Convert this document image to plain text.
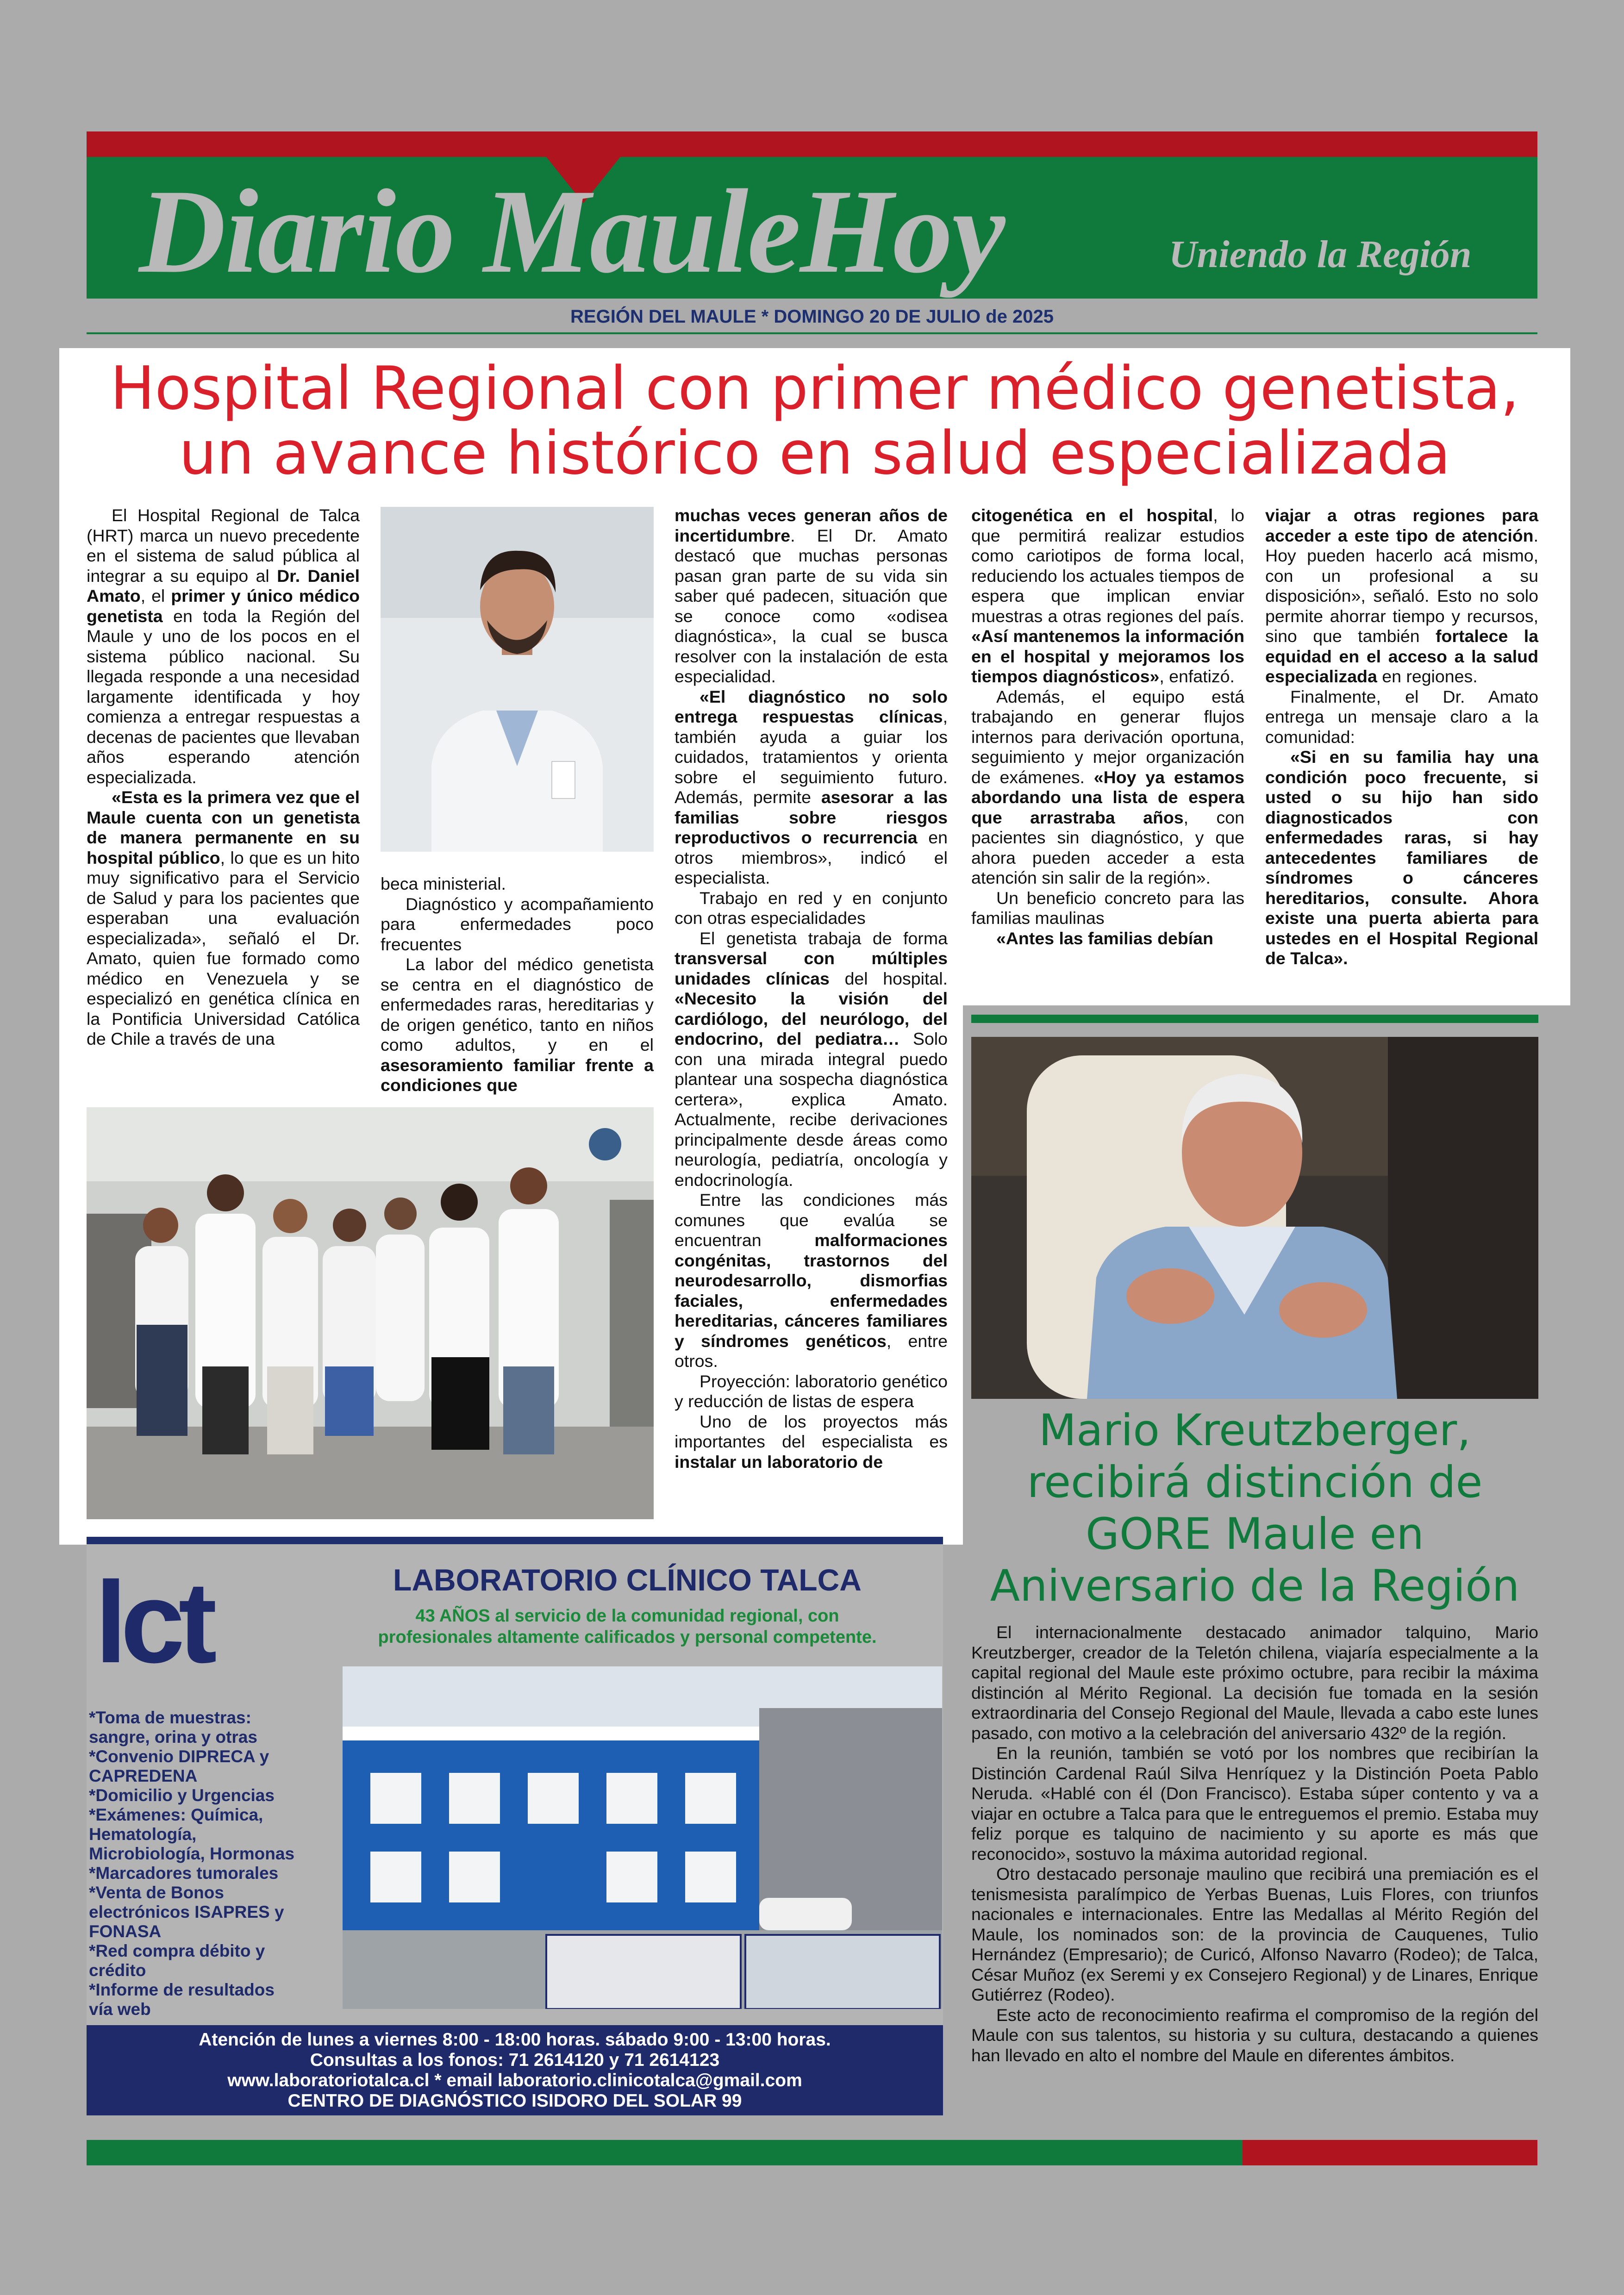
Diario MauleHoy	Uniendo la Región
REGIÓN DEL MAULE * DOMINGO 20 DE JULIO de 2025
Hospital Regional con primer médico genetista,
un avance histórico en salud especializada

El Hospital Regional de Talca (HRT) marca un nuevo precedente en el sistema de salud pública al integrar a su equipo al Dr. Daniel Amato, el primer y único médico genetista en toda la Región del Maule y uno de los pocos en el sistema público nacional. Su llegada responde a una necesidad largamente identificada y hoy comienza a entregar respuestas a decenas de pacientes que llevaban años esperando atención especializada.

«Esta es la primera vez que el Maule cuenta con un genetista de manera permanente en su hospital público, lo que es un hito muy significativo para el Servicio de Salud y para los pacientes que esperaban una evaluación especializada», señaló el Dr. Amato, quien fue formado como médico en Venezuela y se especializó en genética clínica en la Pontificia Universidad Católica de Chile a través de una

beca ministerial.

Diagnóstico y acompañamiento para enfermedades poco frecuentes

La labor del médico genetista se centra en el diagnóstico de enfermedades raras, hereditarias y de origen genético, tanto en niños como adultos, y en el asesoramiento familiar frente a condiciones que

muchas veces generan años de incertidumbre. El Dr. Amato destacó que muchas personas pasan gran parte de su vida sin saber qué padecen, situación que se conoce como «odisea diagnóstica», la cual se busca resolver con la instalación de esta especialidad.

«El diagnóstico no solo entrega respuestas clínicas, también ayuda a guiar los cuidados, tratamientos y orienta sobre el seguimiento futuro. Además, permite asesorar a las familias sobre riesgos reproductivos o recurrencia en otros miembros», indicó el especialista.

Trabajo en red y en conjunto con otras especialidades

El genetista trabaja de forma transversal con múltiples unidades clínicas del hospital. «Necesito la visión del cardiólogo, del neurólogo, del endocrino, del pediatra… Solo con una mirada integral puedo plantear una sospecha diagnóstica certera», explica Amato. Actualmente, recibe derivaciones principalmente desde áreas como neurología, pediatría, oncología y endocrinología.

Entre las condiciones más comunes que evalúa se encuentran malformaciones congénitas, trastornos del neurodesarrollo, dismorfias faciales, enfermedades hereditarias, cánceres familiares y síndromes genéticos, entre otros.

Proyección: laboratorio genético y reducción de listas de espera

Uno de los proyectos más importantes del especialista es instalar un laboratorio de

citogenética en el hospital, lo que permitirá realizar estudios como cariotipos de forma local, reduciendo los actuales tiempos de espera que implican enviar muestras a otras regiones del país. «Así mantenemos la información en el hospital y mejoramos los tiempos diagnósticos», enfatizó.

Además, el equipo está trabajando en generar flujos internos para derivación oportuna, seguimiento y mejor organización de exámenes. «Hoy ya estamos abordando una lista de espera que arrastraba años, con pacientes sin diagnóstico, y que ahora pueden acceder a esta atención sin salir de la región».

Un beneficio concreto para las familias maulinas

«Antes las familias debían

viajar a otras regiones para acceder a este tipo de atención. Hoy pueden hacerlo acá mismo, con un profesional a su disposición», señaló. Esto no solo permite ahorrar tiempo y recursos, sino que también fortalece la equidad en el acceso a la salud especializada en regiones.

Finalmente, el Dr. Amato entrega un mensaje claro a la comunidad:

«Si en su familia hay una condición poco frecuente, si usted o su hijo han sido diagnosticados con enfermedades raras, si hay antecedentes familiares de síndromes o cánceres hereditarios, consulte. Ahora existe una puerta abierta para ustedes en el Hospital Regional de Talca».

Mario Kreutzberger,
recibirá distinción de
GORE Maule en
Aniversario de la Región

El internacionalmente destacado animador talquino, Mario Kreutzberger, creador de la Teletón chilena, viajaría especialmente a la capital regional del Maule este próximo octubre, para recibir la máxima distinción al Mérito Regional. La decisión fue tomada en la sesión extraordinaria del Consejo Regional del Maule, llevada a cabo este lunes pasado, con motivo a la celebración del aniversario 432º de la región.

En la reunión, también se votó por los nombres que recibirían la Distinción Cardenal Raúl Silva Henríquez y la Distinción Poeta Pablo Neruda. «Hablé con él (Don Francisco). Estaba súper contento y va a viajar en octubre a Talca para que le entreguemos el premio. Estaba muy feliz porque es talquino de nacimiento y su aporte es más que reconocido», sostuvo la máxima autoridad regional.

Otro destacado personaje maulino que recibirá una premiación es el tenismesista paralímpico de Yerbas Buenas, Luis Flores, con triunfos nacionales e internacionales. Entre las Medallas al Mérito Región del Maule, los nominados son: de la provincia de Cauquenes, Tulio Hernández (Empresario); de Curicó, Alfonso Navarro (Rodeo); de Talca, César Muñoz (ex Seremi y ex Consejero Regional) y de Linares, Enrique Gutiérrez (Rodeo).

Este acto de reconocimiento reafirma el compromiso de la región del Maule con sus talentos, su historia y su cultura, destacando a quienes han llevado en alto el nombre del Maule en diferentes ámbitos.

lct	LABORATORIO CLÍNICO TALCA
43 AÑOS al servicio de la comunidad regional, con
profesionales altamente calificados y personal competente.
*Toma de muestras:
sangre, orina y otras
*Convenio DIPRECA y
CAPREDENA
*Domicilio y Urgencias
*Exámenes: Química,
Hematología,
Microbiología, Hormonas
*Marcadores tumorales
*Venta de Bonos
electrónicos ISAPRES y
FONASA
*Red compra débito y
crédito
*Informe de resultados
vía web
Atención de lunes a viernes 8:00 - 18:00 horas. sábado 9:00 - 13:00 horas.
Consultas a los fonos: 71 2614120 y 71 2614123
www.laboratoriotalca.cl * email laboratorio.clinicotalca@gmail.com
CENTRO DE DIAGNÓSTICO ISIDORO DEL SOLAR 99
